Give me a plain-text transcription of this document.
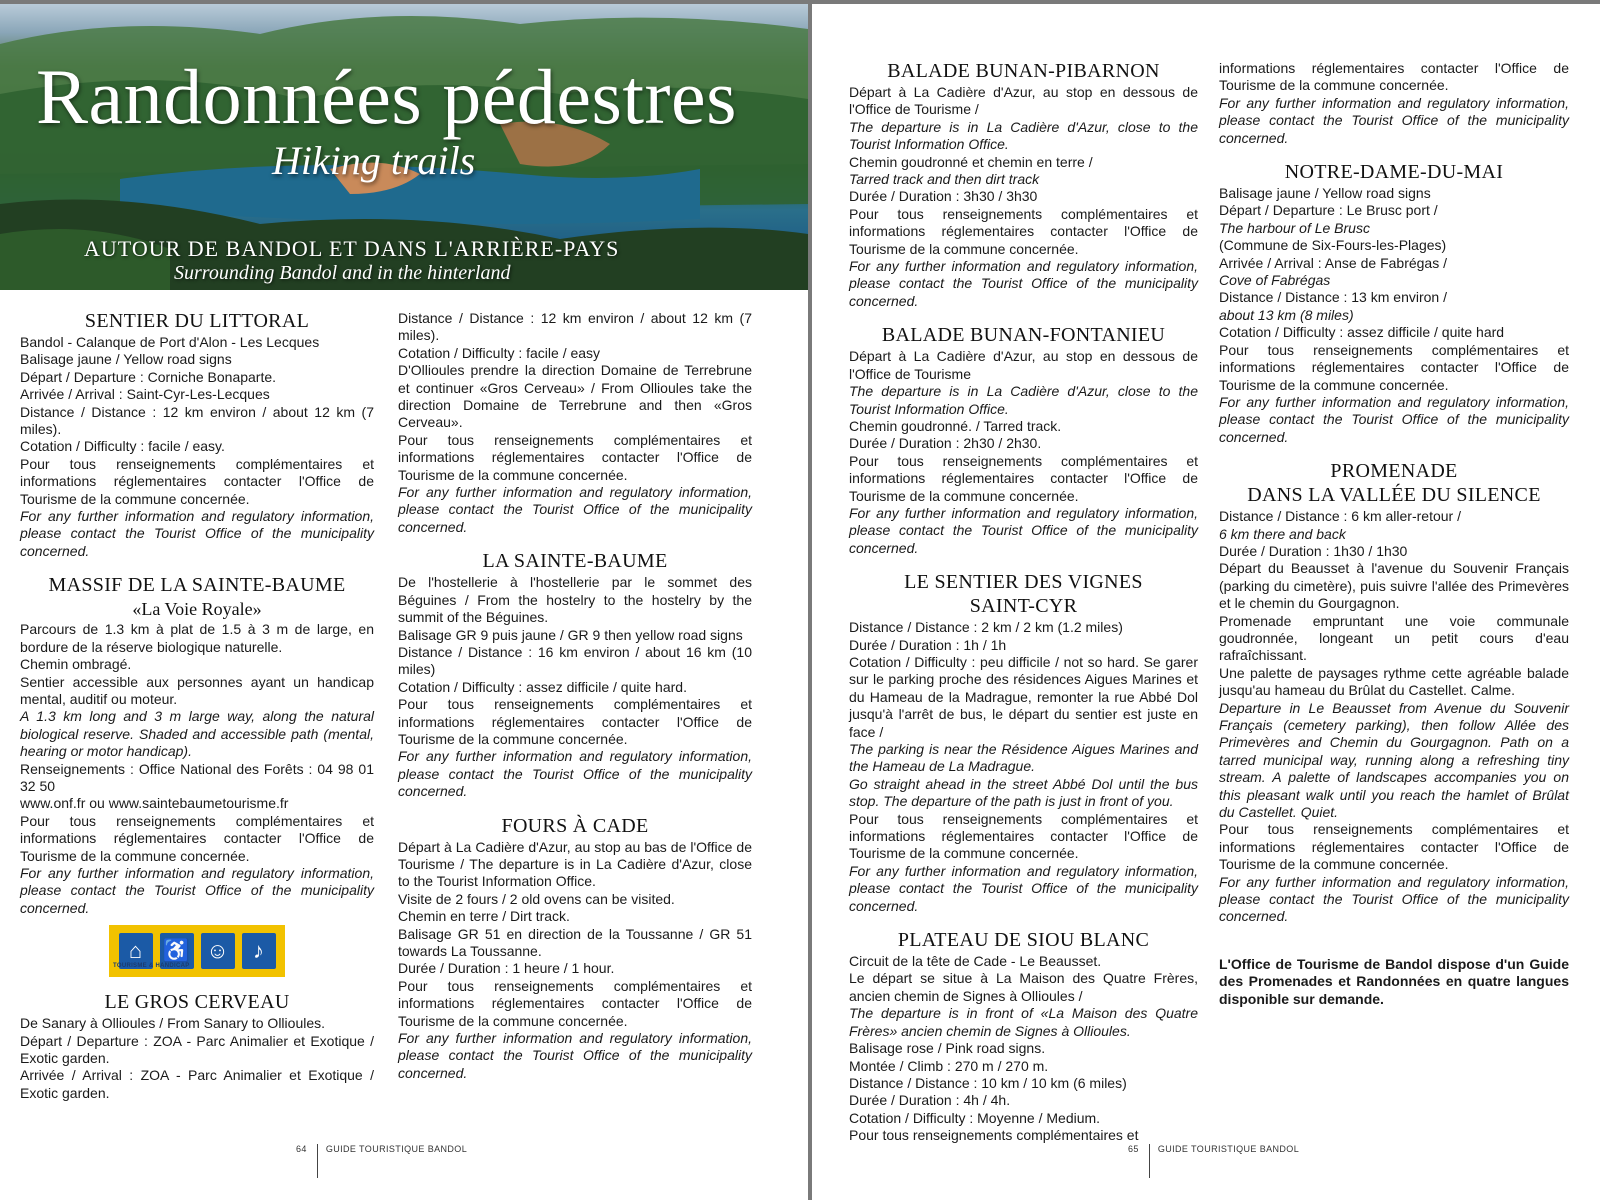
Randonnées pédestres
Hiking trails
AUTOUR DE BANDOL ET DANS L'ARRIÈRE-PAYS
Surrounding Bandol and in the hinterland
SENTIER DU LITTORAL

Bandol - Calanque de Port d'Alon - Les Lecques

Balisage jaune / Yellow road signs

Départ / Departure : Corniche Bonaparte.

Arrivée / Arrival : Saint-Cyr-Les-Lecques

Distance / Distance : 12 km environ / about 12 km (7 miles).

Cotation / Difficulty : facile / easy.

Pour tous renseignements complémentaires et informations réglementaires contacter l'Office de Tourisme de la commune concernée.

For any further information and regulatory information, please contact the Tourist Office of the municipality concerned.

MASSIF DE LA SAINTE-BAUME
«La Voie Royale»

Parcours de 1.3 km à plat de 1.5 à 3 m de large, en bordure de la réserve biologique naturelle.

Chemin ombragé.

Sentier accessible aux personnes ayant un handicap mental, auditif ou moteur.

A 1.3 km long and 3 m large way, along the natural biological reserve. Shaded and accessible path (mental, hearing or motor handicap).

Renseignements : Office National des Forêts : 04 98 01 32 50

www.onf.fr ou www.saintebaumetourisme.fr

Pour tous renseignements complémentaires et informations réglementaires contacter l'Office de Tourisme de la commune concernée.

For any further information and regulatory information, please contact the Tourist Office of the municipality concerned.

⌂ ♿ ☺	♪
TOURISME & HANDICAP
LE GROS CERVEAU

De Sanary à Ollioules / From Sanary to Ollioules.

Départ / Departure : ZOA - Parc Animalier et Exotique / Exotic garden.

Arrivée / Arrival : ZOA - Parc Animalier et Exotique / Exotic garden.

Distance / Distance : 12 km environ / about 12 km (7 miles).

Cotation / Difficulty : facile / easy

D'Ollioules prendre la direction Domaine de Terrebrune et continuer «Gros Cerveau» / From Ollioules take the direction Domaine de Terrebrune and then «Gros Cerveau».

Pour tous renseignements complémentaires et informations réglementaires contacter l'Office de Tourisme de la commune concernée.

For any further information and regulatory information, please contact the Tourist Office of the municipality concerned.

LA SAINTE-BAUME

De l'hostellerie à l'hostellerie par le sommet des Béguines / From the hostelry to the hostelry by the summit of the Béguines.

Balisage GR 9 puis jaune / GR 9 then yellow road signs

Distance / Distance : 16 km environ / about 16 km (10 miles)

Cotation / Difficulty : assez difficile / quite hard.

Pour tous renseignements complémentaires et informations réglementaires contacter l'Office de Tourisme de la commune concernée.

For any further information and regulatory information, please contact the Tourist Office of the municipality concerned.

FOURS À CADE

Départ à La Cadière d'Azur, au stop au bas de l'Office de Tourisme / The departure is in La Cadière d'Azur, close to the Tourist Information Office.

Visite de 2 fours / 2 old ovens can be visited.

Chemin en terre / Dirt track.

Balisage GR 51 en direction de la Toussanne / GR 51 towards La Toussanne.

Durée / Duration : 1 heure / 1 hour.

Pour tous renseignements complémentaires et informations réglementaires contacter l'Office de Tourisme de la commune concernée.

For any further information and regulatory information, please contact the Tourist Office of the municipality concerned.

64 GUIDE TOURISTIQUE BANDOL
BALADE BUNAN-PIBARNON

Départ à La Cadière d'Azur, au stop en dessous de l'Office de Tourisme /

The departure is in La Cadière d'Azur, close to the Tourist Information Office.

Chemin goudronné et chemin en terre /

Tarred track and then dirt track

Durée / Duration : 3h30 / 3h30

Pour tous renseignements complémentaires et informations réglementaires contacter l'Office de Tourisme de la commune concernée.

For any further information and regulatory information, please contact the Tourist Office of the municipality concerned.

BALADE BUNAN-FONTANIEU

Départ à La Cadière d'Azur, au stop en dessous de l'Office de Tourisme

The departure is in La Cadière d'Azur, close to the Tourist Information Office.

Chemin goudronné. / Tarred track.

Durée / Duration : 2h30 / 2h30.

Pour tous renseignements complémentaires et informations réglementaires contacter l'Office de Tourisme de la commune concernée.

For any further information and regulatory information, please contact the Tourist Office of the municipality concerned.

LE SENTIER DES VIGNES
SAINT-CYR

Distance / Distance : 2 km / 2 km (1.2 miles)

Durée / Duration : 1h / 1h

Cotation / Difficulty : peu difficile / not so hard. Se garer sur le parking proche des résidences Aigues Marines et du Hameau de la Madrague, remonter la rue Abbé Dol jusqu'à l'arrêt de bus, le départ du sentier est juste en face /

The parking is near the Résidence Aigues Marines and the Hameau de La Madrague.

Go straight ahead in the street Abbé Dol until the bus stop. The departure of the path is just in front of you.

Pour tous renseignements complémentaires et informations réglementaires contacter l'Office de Tourisme de la commune concernée.

For any further information and regulatory information, please contact the Tourist Office of the municipality concerned.

PLATEAU DE SIOU BLANC

Circuit de la tête de Cade - Le Beausset.

Le départ se situe à La Maison des Quatre Frères, ancien chemin de Signes à Ollioules /

The departure is in front of «La Maison des Quatre Frères» ancien chemin de Signes à Ollioules.

Balisage rose / Pink road signs.

Montée / Climb : 270 m / 270 m.

Distance / Distance : 10 km / 10 km (6 miles)

Durée / Duration : 4h / 4h.

Cotation / Difficulty : Moyenne / Medium.

Pour tous renseignements complémentaires et

informations réglementaires contacter l'Office de Tourisme de la commune concernée.

For any further information and regulatory information, please contact the Tourist Office of the municipality concerned.

NOTRE-DAME-DU-MAI

Balisage jaune / Yellow road signs

Départ / Departure : Le Brusc port /

The harbour of Le Brusc

(Commune de Six-Fours-les-Plages)

Arrivée / Arrival : Anse de Fabrégas /

Cove of Fabrégas

Distance / Distance : 13 km environ /

about 13 km (8 miles)

Cotation / Difficulty : assez difficile / quite hard

Pour tous renseignements complémentaires et informations réglementaires contacter l'Office de Tourisme de la commune concernée.

For any further information and regulatory information, please contact the Tourist Office of the municipality concerned.

PROMENADE
DANS LA VALLÉE DU SILENCE

Distance / Distance : 6 km aller-retour /

6 km there and back

Durée / Duration : 1h30 / 1h30

Départ du Beausset à l'avenue du Souvenir Français (parking du cimetère), puis suivre l'allée des Primevères et le chemin du Gourgagnon.

Promenade empruntant une voie communale goudronnée, longeant un petit cours d'eau rafraîchissant.

Une palette de paysages rythme cette agréable balade jusqu'au hameau du Brûlat du Castellet. Calme.

Departure in Le Beausset from Avenue du Souvenir Français (cemetery parking), then follow Allée des Primevères and Chemin du Gourgagnon. Path on a tarred municipal way, running along a refreshing tiny stream. A palette of landscapes accompanies you on this pleasant walk until you reach the hamlet of Brûlat du Castellet. Quiet.

Pour tous renseignements complémentaires et informations réglementaires contacter l'Office de Tourisme de la commune concernée.

For any further information and regulatory information, please contact the Tourist Office of the municipality concerned.

L'Office de Tourisme de Bandol dispose d'un Guide des Promenades et Randonnées en quatre langues disponible sur demande.

65 GUIDE TOURISTIQUE BANDOL
